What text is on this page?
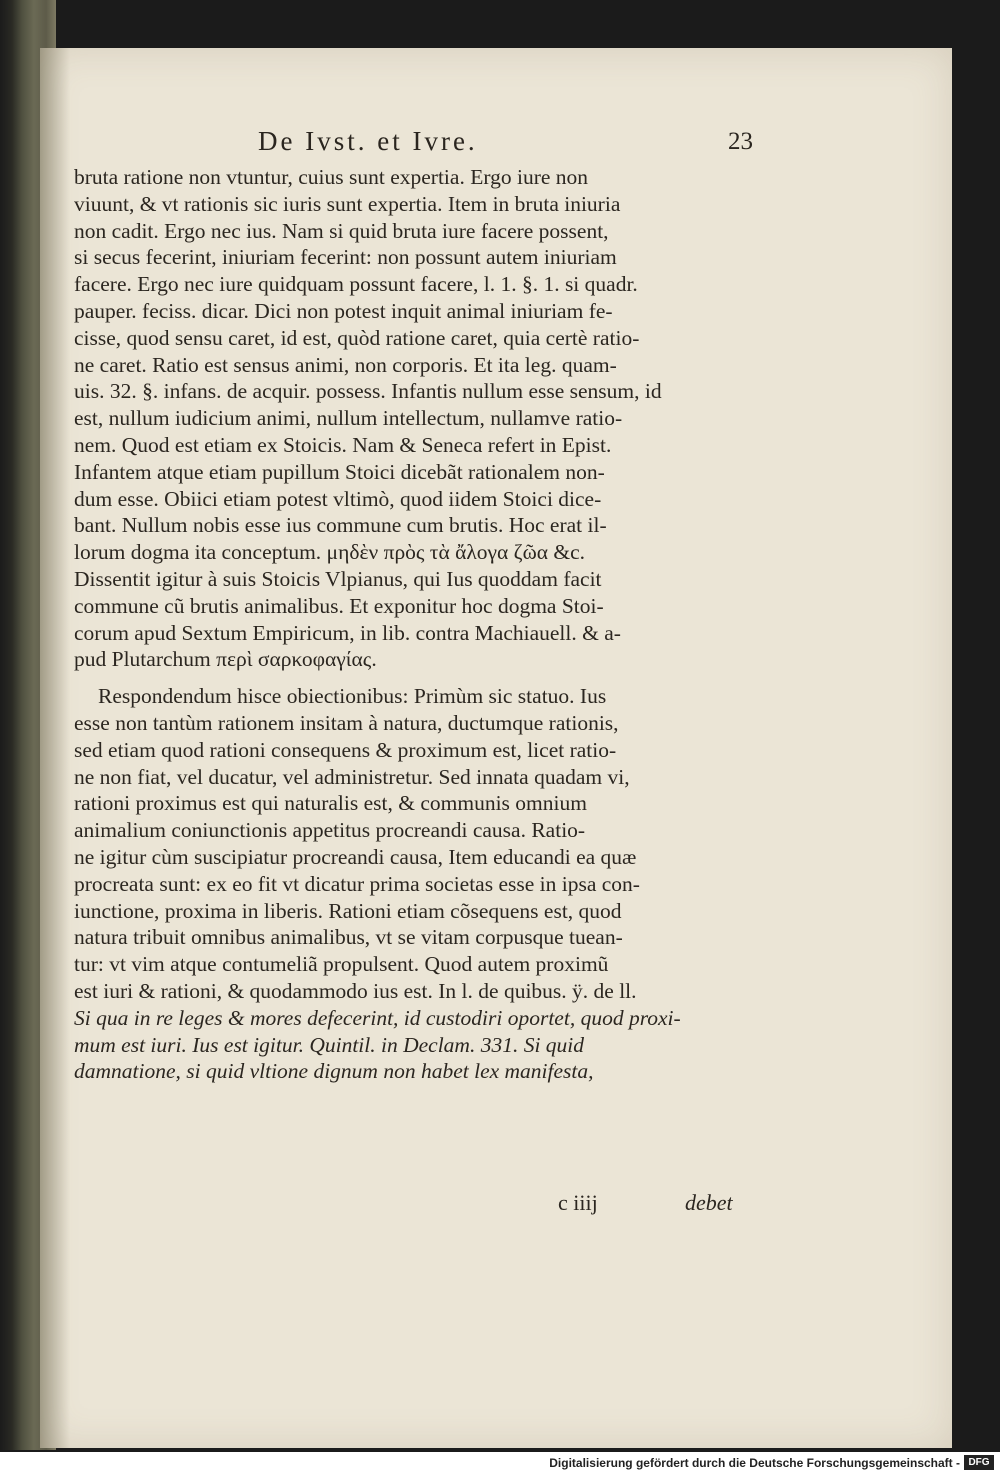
De Ivst. et Ivre.	23
bruta ratione non vtuntur, cuius sunt expertia. Ergo iure non
viuunt, & vt rationis sic iuris sunt expertia. Item in bruta iniuria
non cadit. Ergo nec ius. Nam si quid bruta iure facere possent,
si secus fecerint, iniuriam fecerint: non possunt autem iniuriam
facere. Ergo nec iure quidquam possunt facere, l. 1. §. 1. si quadr.
pauper. feciss. dicar. Dici non potest inquit animal iniuriam fe-
cisse, quod sensu caret, id est, quòd ratione caret, quia certè ratio-
ne caret. Ratio est sensus animi, non corporis. Et ita leg. quam-
uis. 32. §. infans. de acquir. possess. Infantis nullum esse sensum, id
est, nullum iudicium animi, nullum intellectum, nullamve ratio-
nem. Quod est etiam ex Stoicis. Nam & Seneca refert in Epist.
Infantem atque etiam pupillum Stoici dicebãt rationalem non-
dum esse. Obiici etiam potest vltimò, quod iidem Stoici dice-
bant. Nullum nobis esse ius commune cum brutis. Hoc erat il-
lorum dogma ita conceptum. μηδὲν πρὸς τὰ ἄλογα ζῶα &c.
Dissentit igitur à suis Stoicis Vlpianus, qui Ius quoddam facit
commune cũ brutis animalibus. Et exponitur hoc dogma Stoi-
corum apud Sextum Empiricum, in lib. contra Machiauell. & a-
pud Plutarchum περὶ σαρκοφαγίας.
Respondendum hisce obiectionibus: Primùm sic statuo. Ius
esse non tantùm rationem insitam à natura, ductumque rationis,
sed etiam quod rationi consequens & proximum est, licet ratio-
ne non fiat, vel ducatur, vel administretur. Sed innata quadam vi,
rationi proximus est qui naturalis est, & communis omnium
animalium coniunctionis appetitus procreandi causa. Ratio-
ne igitur cùm suscipiatur procreandi causa, Item educandi ea quæ
procreata sunt: ex eo fit vt dicatur prima societas esse in ipsa con-
iunctione, proxima in liberis. Rationi etiam cõsequens est, quod
natura tribuit omnibus animalibus, vt se vitam corpusque tuean-
tur: vt vim atque contumeliã propulsent. Quod autem proximũ
est iuri & rationi, & quodammodo ius est. In l. de quibus. ÿ. de ll.
Si qua in re leges & mores defecerint, id custodiri oportet, quod proxi-
mum est iuri. Ius est igitur. Quintil. in Declam. 331. Si quid
damnatione, si quid vltione dignum non habet lex manifesta,
c iiij	debet
Digitalisierung gefördert durch die Deutsche Forschungsgemeinschaft - DFG
